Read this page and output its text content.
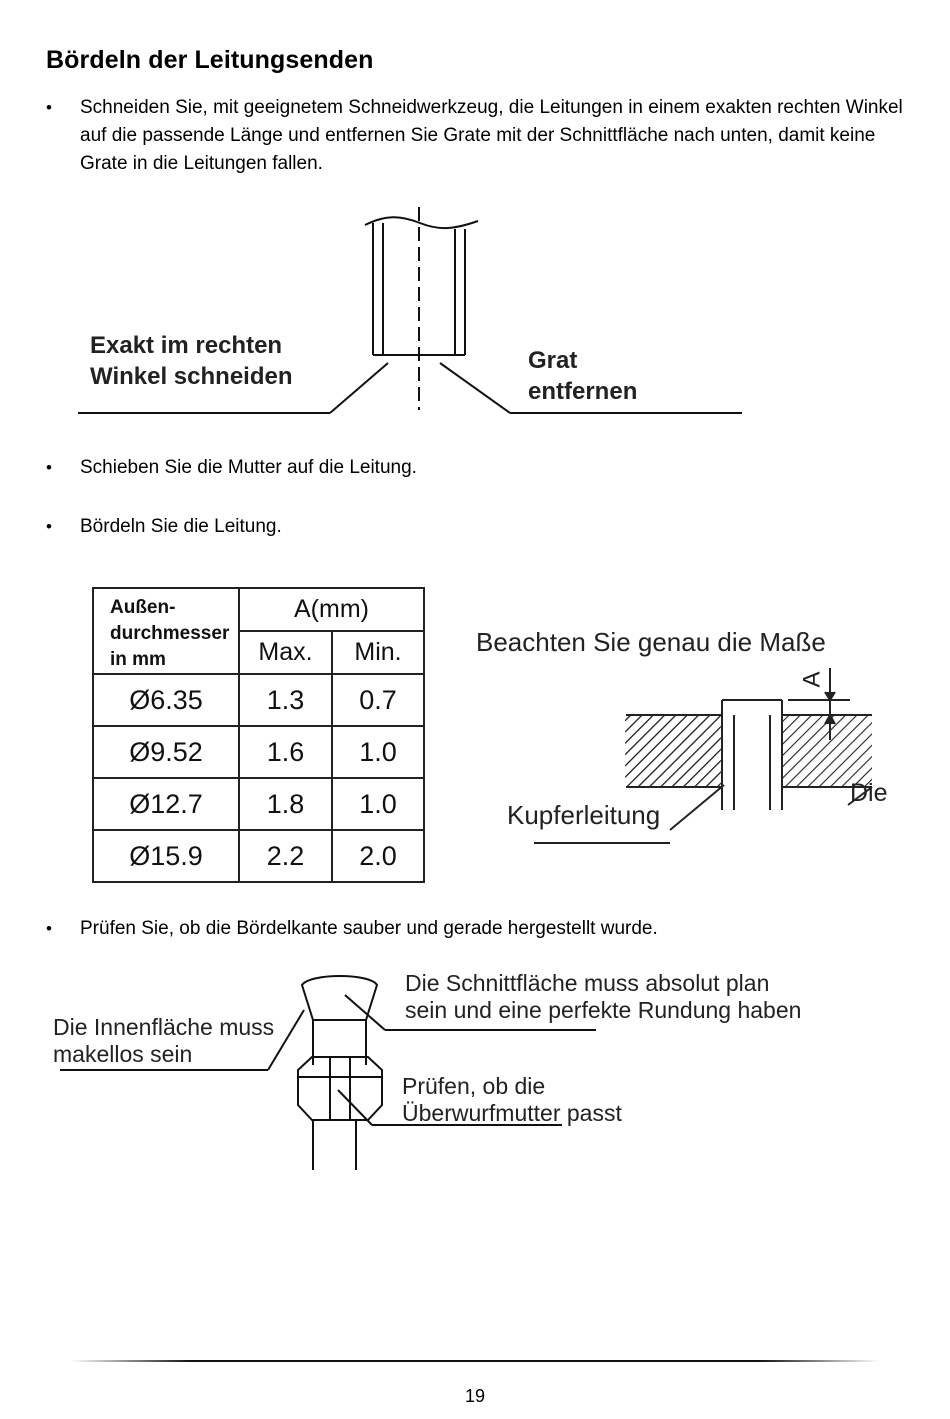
Bördeln der Leitungsenden
• Schneiden Sie, mit geeignetem Schneidwerkzeug, die Leitungen in einem exakten rechten Winkel auf die passende Länge und entfernen Sie Grate mit der Schnittfläche nach unten, damit keine Grate in die Leitungen fallen.
Exakt im rechten
Winkel schneiden
Grat
entfernen
• Schieben Sie die Mutter auf die Leitung.
• Bördeln Sie die Leitung.
Außen-
durchmesser
in mm	A(mm)	
	Max.	Min.
Ø6.35	1.3	0.7
Ø9.52	1.6	1.0
Ø12.7	1.8	1.0
Ø15.9	2.2	2.0
Beachten Sie genau die Maße
A
Die
Kupferleitung
• Prüfen Sie, ob die Bördelkante sauber und gerade hergestellt wurde.
Die Innenfläche muss
makellos sein
Die Schnittfläche muss absolut plan
sein und eine perfekte Rundung haben
Prüfen, ob die
Überwurfmutter passt
19
